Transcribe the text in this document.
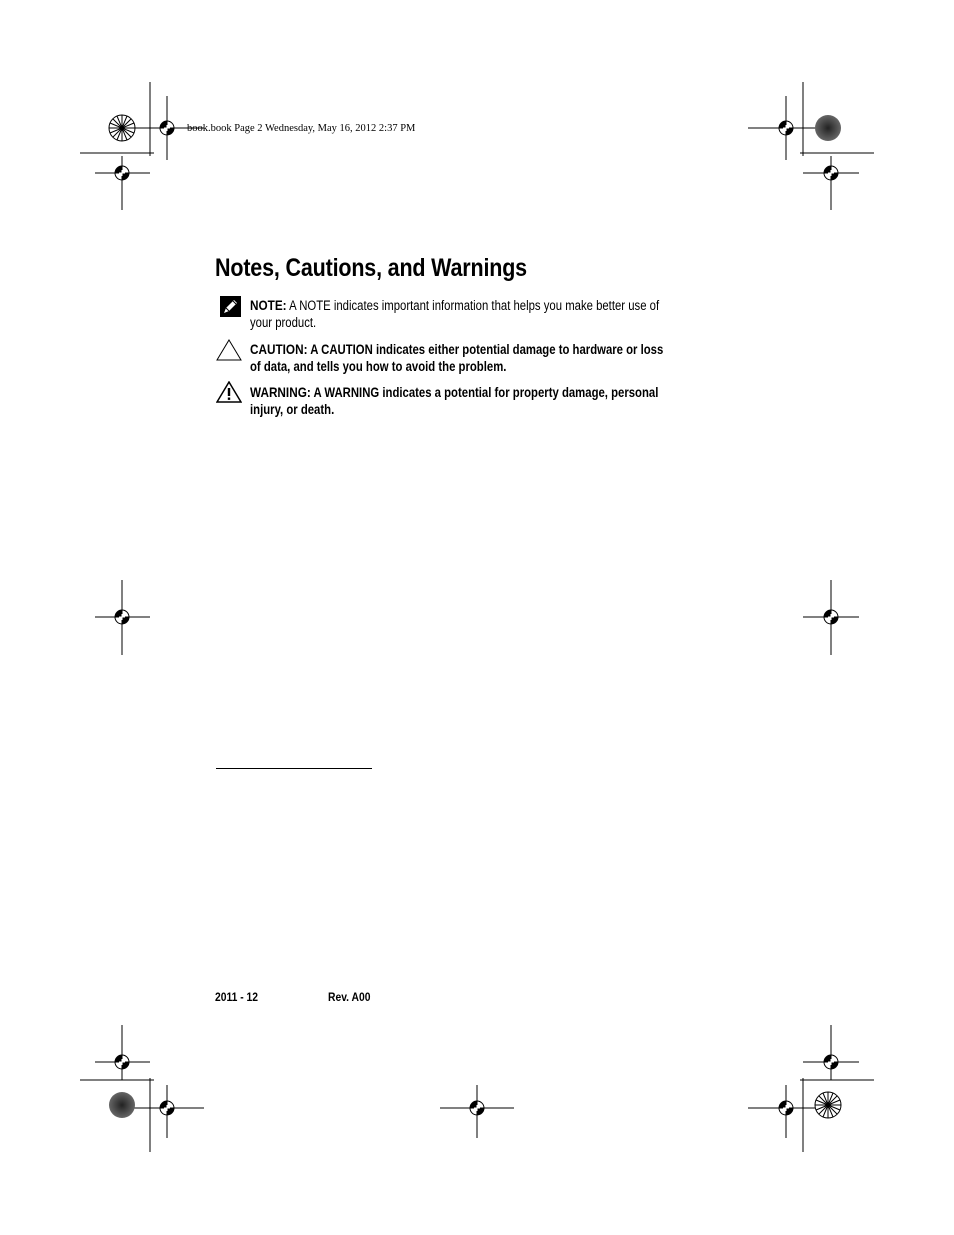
book.book Page 2 Wednesday, May 16, 2012 2:37 PM
Notes, Cautions, and Warnings
NOTE: A NOTE indicates important information that helps you make better use of your product.
CAUTION: A CAUTION indicates either potential damage to hardware or loss of data, and tells you how to avoid the problem.
WARNING: A WARNING indicates a potential for property damage, personal injury, or death.
2011 - 12	Rev. A00
